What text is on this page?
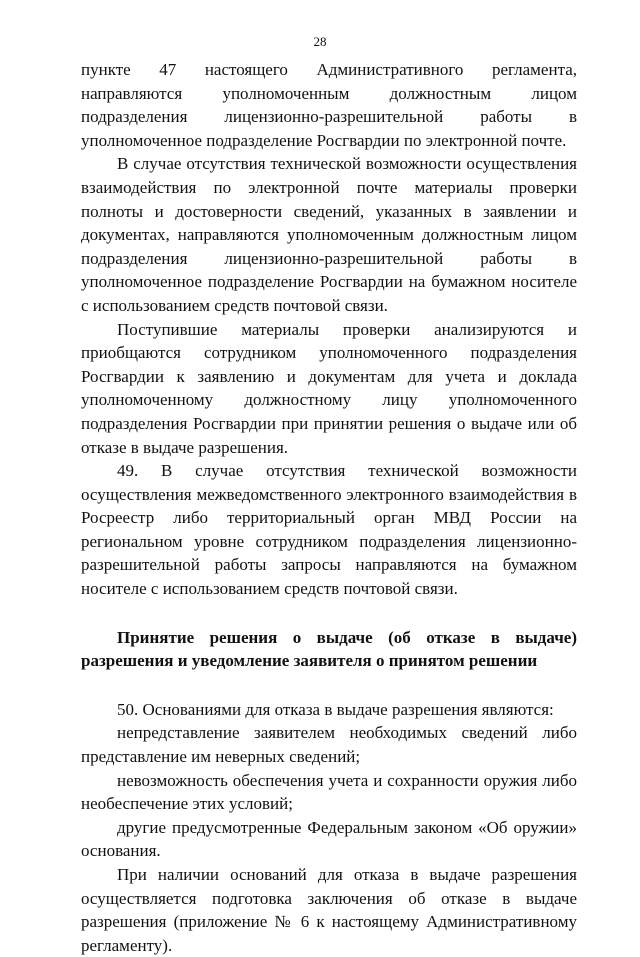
28

пункте 47 настоящего Административного регламента, направляются уполномоченным должностным лицом подразделения лицензионно-разрешительной работы в уполномоченное подразделение Росгвардии по электронной почте.

В случае отсутствия технической возможности осуществления взаимодействия по электронной почте материалы проверки полноты и достоверности сведений, указанных в заявлении и документах, направляются уполномоченным должностным лицом подразделения лицензионно-разрешительной работы в уполномоченное подразделение Росгвардии на бумажном носителе с использованием средств почтовой связи.

Поступившие материалы проверки анализируются и приобщаются сотрудником уполномоченного подразделения Росгвардии к заявлению и документам для учета и доклада уполномоченному должностному лицу уполномоченного подразделения Росгвардии при принятии решения о выдаче или об отказе в выдаче разрешения.

49. В случае отсутствия технической возможности осуществления межведомственного электронного взаимодействия в Росреестр либо территориальный орган МВД России на региональном уровне сотрудником подразделения лицензионно-разрешительной работы запросы направляются на бумажном носителе с использованием средств почтовой связи.

Принятие решения о выдаче (об отказе в выдаче) разрешения и уведомление заявителя о принятом решении

50. Основаниями для отказа в выдаче разрешения являются:

непредставление заявителем необходимых сведений либо представление им неверных сведений;

невозможность обеспечения учета и сохранности оружия либо необеспечение этих условий;

другие предусмотренные Федеральным законом «Об оружии» основания.

При наличии оснований для отказа в выдаче разрешения осуществляется подготовка заключения об отказе в выдаче разрешения (приложение № 6 к настоящему Административному регламенту).
